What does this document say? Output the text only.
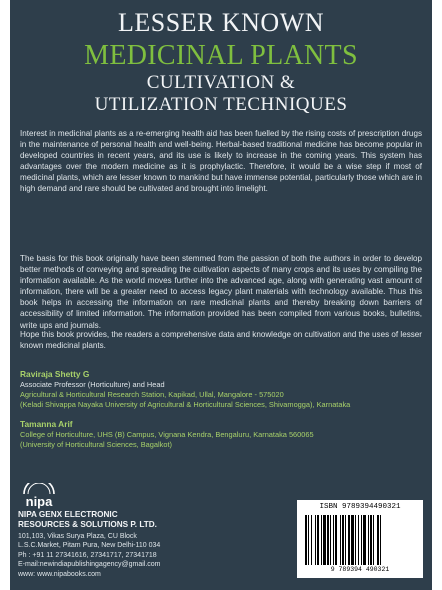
LESSER KNOWN
MEDICINAL PLANTS
CULTIVATION &
UTILIZATION TECHNIQUES
Interest in medicinal plants as a re-emerging health aid has been fuelled by the rising costs of prescription drugs in the maintenance of personal health and well-being. Herbal-based traditional medicine has become popular in developed countries in recent years, and its use is likely to increase in the coming years. This system has advantages over the modern medicine as it is prophylactic. Therefore, it would be a wise step if most of medicinal plants, which are lesser known to mankind but have immense potential, particularly those which are in high demand and rare should be cultivated and brought into limelight.
The basis for this book originally have been stemmed from the passion of both the authors in order to develop better methods of conveying and spreading the cultivation aspects of many crops and its uses by compiling the information available. As the world moves further into the advanced age, along with generating vast amount of information, there will be a greater need to access legacy plant materials with technology available. Thus this book helps in accessing the information on rare medicinal plants and thereby breaking down barriers of accessibility of limited information. The information provided has been compiled from various books, bulletins, write ups and journals.
Hope this book provides, the readers a comprehensive data and knowledge on cultivation and the uses of lesser known medicinal plants.
Raviraja Shetty G
Associate Professor (Horticulture) and Head
Agricultural & Horticultural Research Station, Kapikad, Ullal, Mangalore - 575020
(Keladi Shivappa Nayaka University of Agricultural & Horticultural Sciences, Shivamogga), Karnataka
Tamanna Arif
College of Horticulture, UHS (B) Campus, Vignana Kendra, Bengaluru, Karnataka 560065
(University of Horticultural Sciences, Bagalkot)
nipa
NIPA GENX ELECTRONIC
RESOURCES & SOLUTIONS P. LTD.
101,103, Vikas Surya Plaza, CU Block
L.S.C.Market, Pitam Pura, New Delhi-110 034
Ph : +91 11 27341616, 27341717, 27341718
E-mail:newindiapublishingagency@gmail.com
www: www.nipabooks.com
ISBN 9789394490321
9 789394 490321
